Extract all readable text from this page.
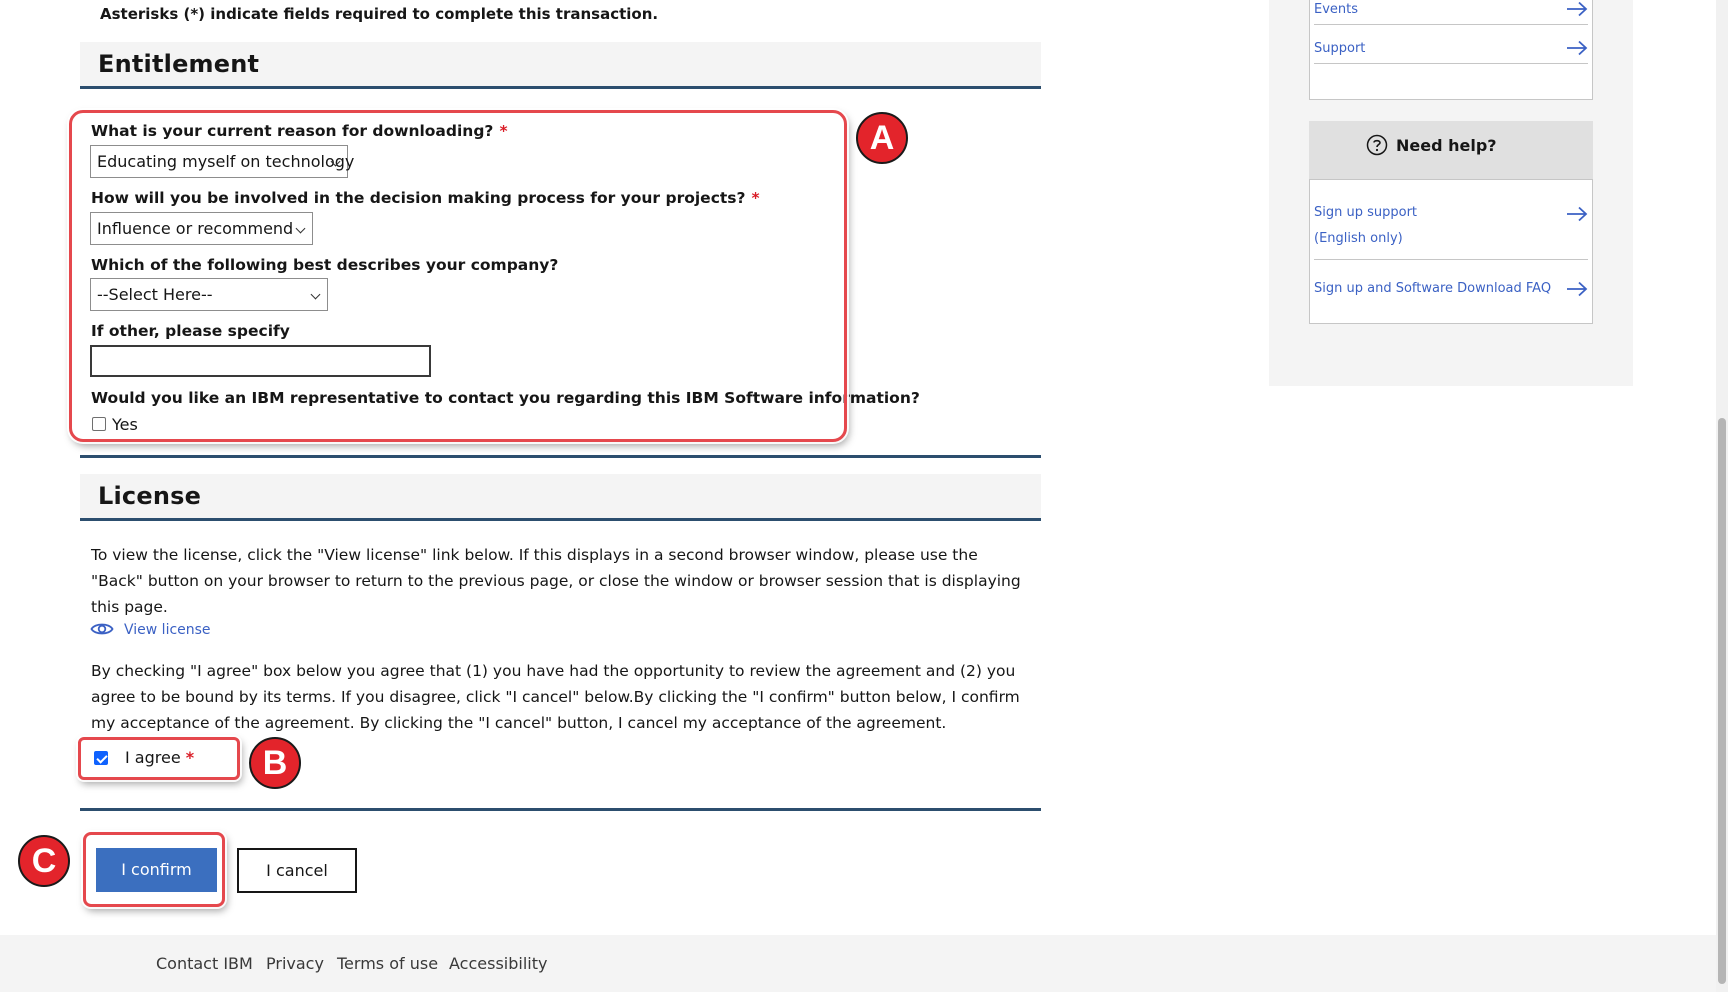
Asterisks (*) indicate fields required to complete this transaction.
Entitlement
What is your current reason for downloading? *
Educating myself on technology
How will you be involved in the decision making process for your projects? *
Influence or recommend
Which of the following best describes your company?
--Select Here--
If other, please specify
Would you like an IBM representative to contact you regarding this IBM Software information?
Yes
License
To view the license, click the "View license" link below. If this displays in a second browser window, please use the "Back" button on your browser to return to the previous page, or close the window or browser session that is displaying this page.
View license
By checking "I agree" box below you agree that (1) you have had the opportunity to review the agreement and (2) you agree to be bound by its terms. If you disagree, click "I cancel" below.By clicking the "I confirm" button below, I confirm my acceptance of the agreement. By clicking the "I cancel" button, I cancel my acceptance of the agreement.
I agree *
I confirm	I cancel
A
B
C
Events
Support
Need help?
Sign up support
(English only)
Sign up and Software Download FAQ
Contact IBM Privacy Terms of use Accessibility
